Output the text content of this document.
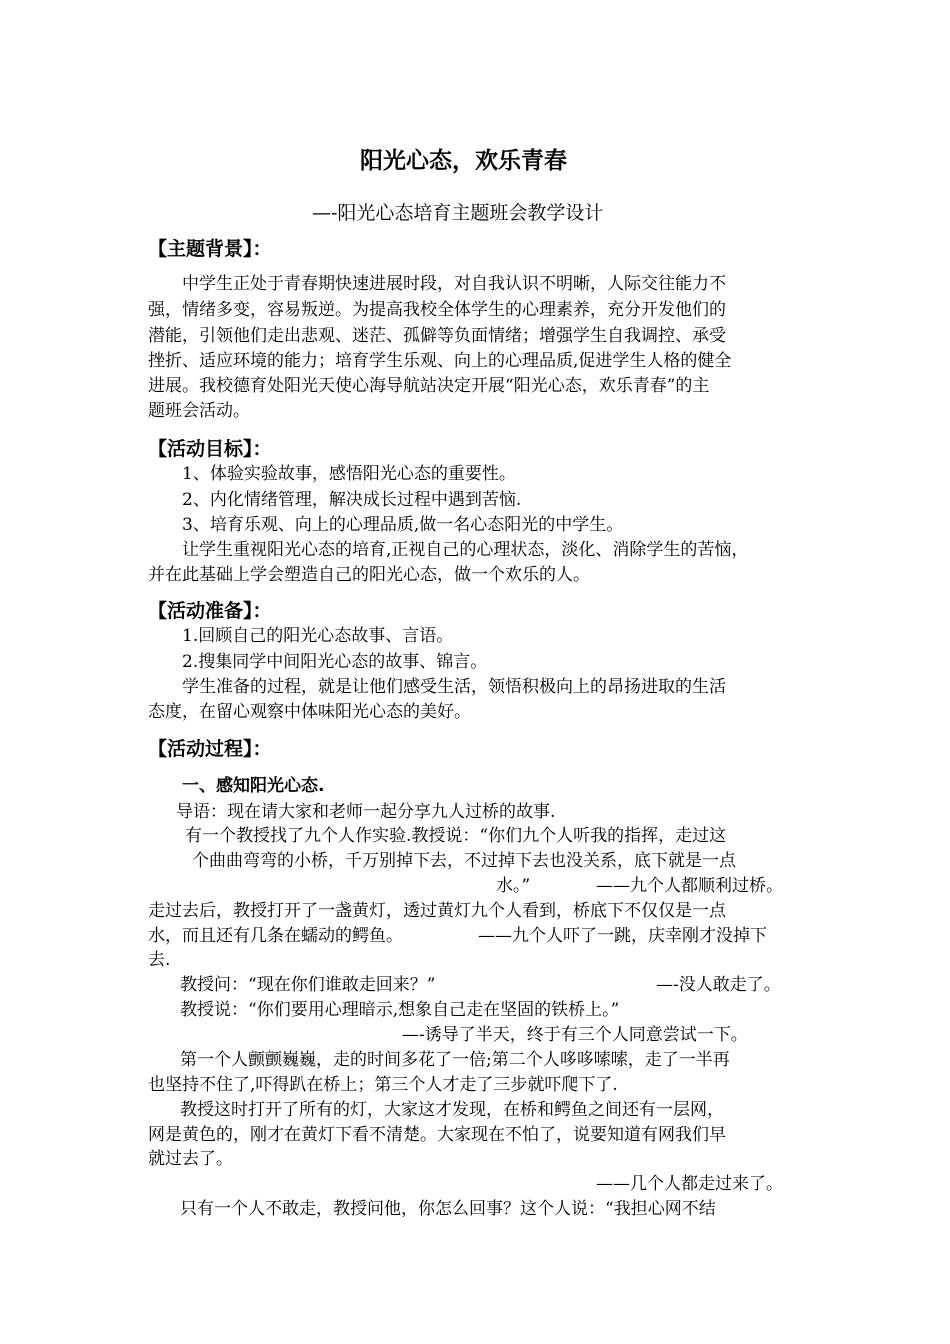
阳光心态，欢乐青春
—-阳光心态培育主题班会教学设计
【主题背景】：
中学生正处于青春期快速进展时段，对自我认识不明晰，人际交往能力不
强，情绪多变，容易叛逆。为提高我校全体学生的心理素养，充分开发他们的
潜能，引领他们走出悲观、迷茫、孤僻等负面情绪；增强学生自我调控、承受
挫折、适应环境的能力；培育学生乐观、向上的心理品质,促进学生人格的健全
进展。我校德育处阳光天使心海导航站决定开展“阳光心态，欢乐青春”的主
题班会活动。
【活动目标】：
1、体验实验故事，感悟阳光心态的重要性。
2、内化情绪管理，解决成长过程中遇到苦恼.
3、培育乐观、向上的心理品质,做一名心态阳光的中学生。
让学生重视阳光心态的培育,正视自己的心理状态，淡化、消除学生的苦恼，
并在此基础上学会塑造自己的阳光心态，做一个欢乐的人。
【活动准备】：
1.回顾自己的阳光心态故事、言语。
2.搜集同学中间阳光心态的故事、锦言。
学生准备的过程，就是让他们感受生活，领悟积极向上的昂扬进取的生活
态度，在留心观察中体味阳光心态的美好。
【活动过程】：
一、感知阳光心态.
导语：现在请大家和老师一起分享九人过桥的故事.
有一个教授找了九个人作实验.教授说：“你们九个人听我的指挥，走过这
个曲曲弯弯的小桥，千万别掉下去，不过掉下去也没关系，底下就是一点
水。”	——九个人都顺利过桥。
走过去后，教授打开了一盏黄灯，透过黄灯九个人看到，桥底下不仅仅是一点
水，而且还有几条在蠕动的鳄鱼。	——九个人吓了一跳，庆幸刚才没掉下
去.
教授问：“现在你们谁敢走回来？”	—-没人敢走了。
教授说：“你们要用心理暗示,想象自己走在坚固的铁桥上。”
—-诱导了半天，终于有三个人同意尝试一下。
第一个人颤颤巍巍，走的时间多花了一倍;第二个人哆哆嗦嗦，走了一半再
也坚持不住了,吓得趴在桥上；第三个人才走了三步就吓爬下了.
教授这时打开了所有的灯，大家这才发现，在桥和鳄鱼之间还有一层网，
网是黄色的，刚才在黄灯下看不清楚。大家现在不怕了，说要知道有网我们早
就过去了。
——几个人都走过来了。
只有一个人不敢走，教授问他，你怎么回事？这个人说：“我担心网不结
